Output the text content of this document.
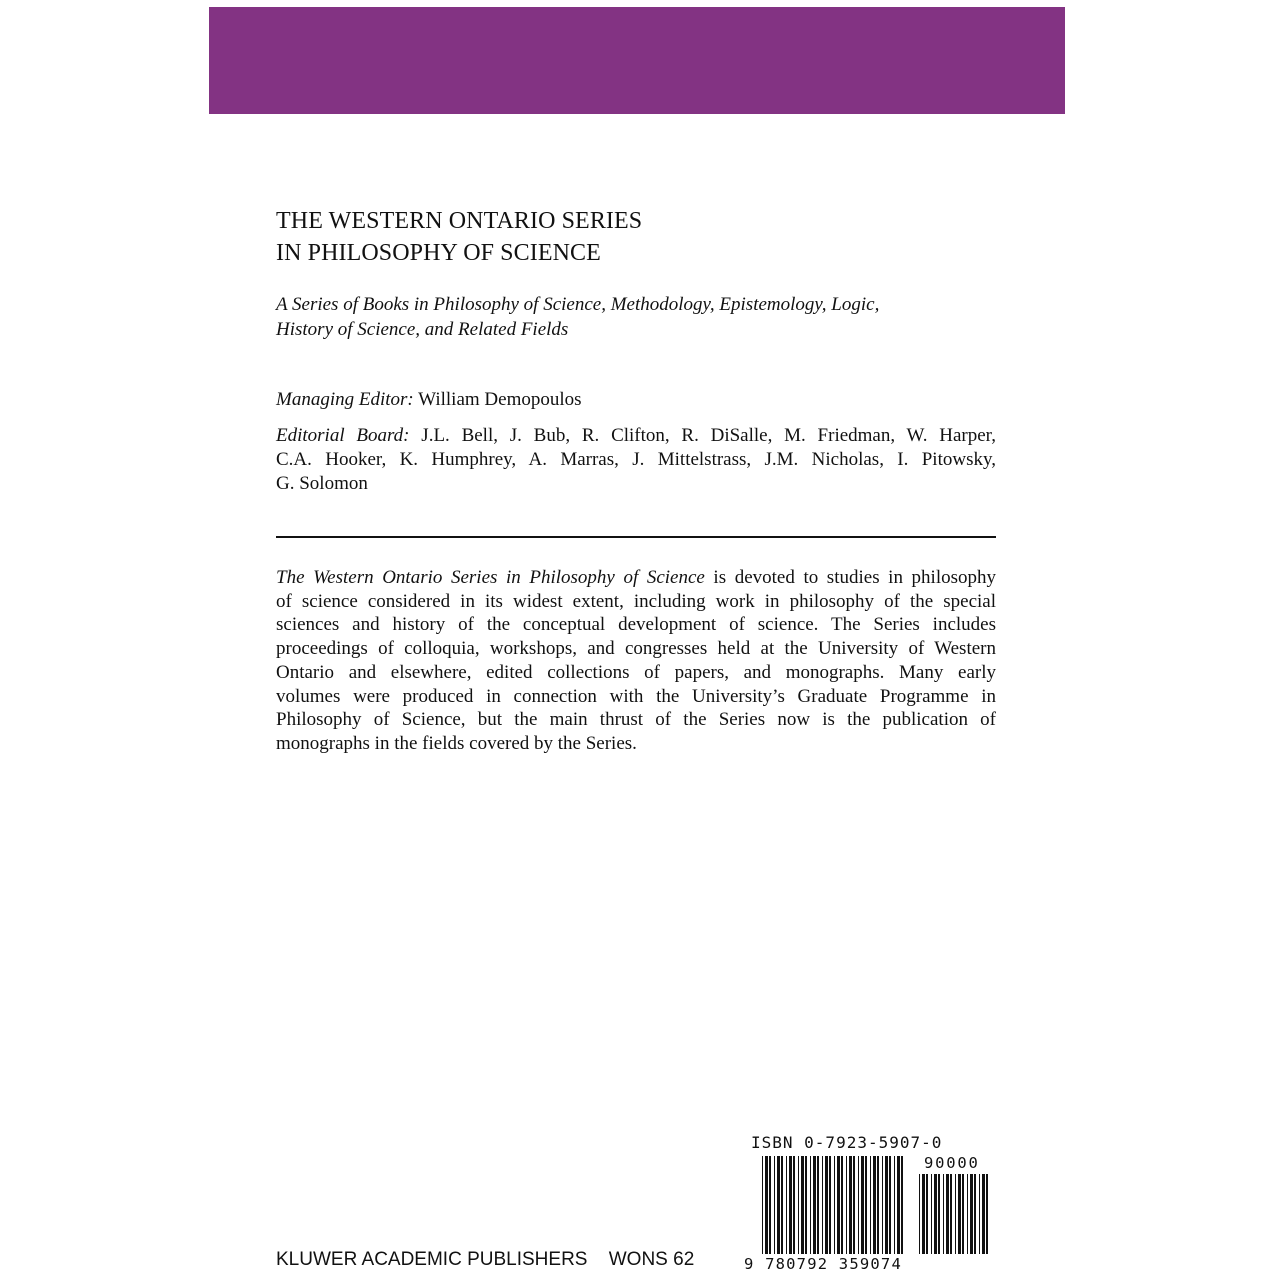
THE WESTERN ONTARIO SERIES
IN PHILOSOPHY OF SCIENCE

A Series of Books in Philosophy of Science, Methodology, Epistemology, Logic,
History of Science, and Related Fields

Managing Editor: William Demopoulos

Editorial Board: J.L. Bell, J. Bub, R. Clifton, R. DiSalle, M. Friedman, W. Harper,
C.A. Hooker, K. Humphrey, A. Marras, J. Mittelstrass, J.M. Nicholas, I. Pitowsky,
G. Solomon

The Western Ontario Series in Philosophy of Science is devoted to studies in philosophy
of science considered in its widest extent, including work in philosophy of the special
sciences and history of the conceptual development of science. The Series includes
proceedings of colloquia, workshops, and congresses held at the University of Western
Ontario and elsewhere, edited collections of papers, and monographs. Many early
volumes were produced in connection with the University’s Graduate Programme in
Philosophy of Science, but the main thrust of the Series now is the publication of
monographs in the fields covered by the Series.

ISBN 0-7923-5907-0
9 780792 359074
90000
KLUWER ACADEMIC PUBLISHERS WONS 62
